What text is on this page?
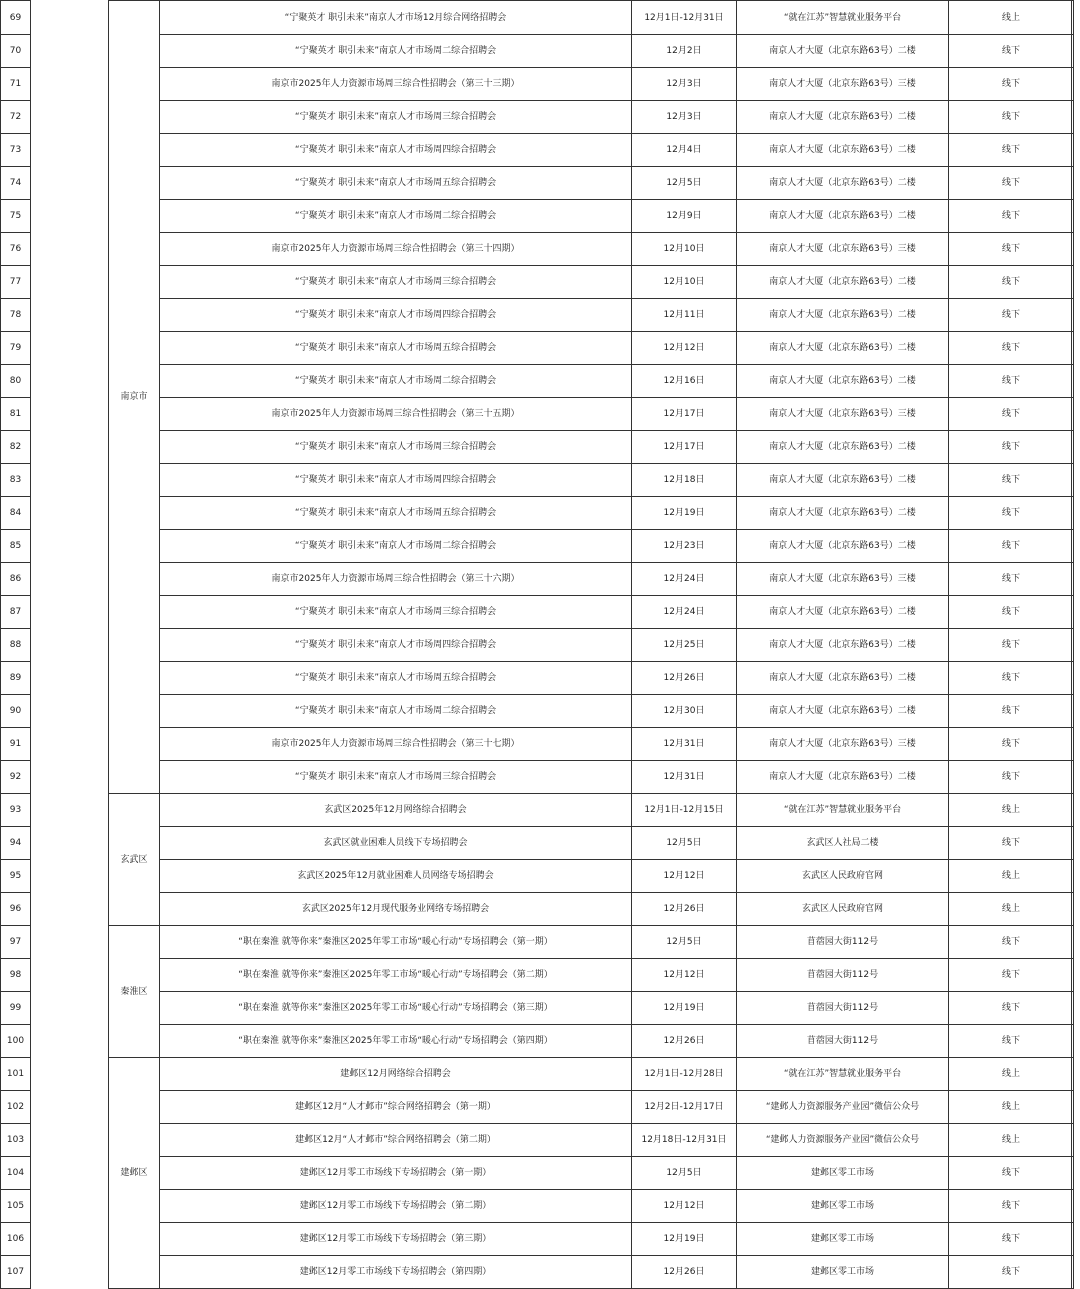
69		南京市	“宁聚英才 职引未来”南京人才市场12月综合网络招聘会	12月1日-12月31日	“就在江苏”智慧就业服务平台	线上
70			“宁聚英才 职引未来”南京人才市场周二综合招聘会	12月2日	南京人才大厦（北京东路63号）二楼	线下
71			南京市2025年人力资源市场周三综合性招聘会（第三十三期）	12月3日	南京人才大厦（北京东路63号）三楼	线下
72			“宁聚英才 职引未来”南京人才市场周三综合招聘会	12月3日	南京人才大厦（北京东路63号）二楼	线下
73			“宁聚英才 职引未来”南京人才市场周四综合招聘会	12月4日	南京人才大厦（北京东路63号）二楼	线下
74			“宁聚英才 职引未来”南京人才市场周五综合招聘会	12月5日	南京人才大厦（北京东路63号）二楼	线下
75			“宁聚英才 职引未来”南京人才市场周二综合招聘会	12月9日	南京人才大厦（北京东路63号）二楼	线下
76			南京市2025年人力资源市场周三综合性招聘会（第三十四期）	12月10日	南京人才大厦（北京东路63号）三楼	线下
77			“宁聚英才 职引未来”南京人才市场周三综合招聘会	12月10日	南京人才大厦（北京东路63号）二楼	线下
78			“宁聚英才 职引未来”南京人才市场周四综合招聘会	12月11日	南京人才大厦（北京东路63号）二楼	线下
79			“宁聚英才 职引未来”南京人才市场周五综合招聘会	12月12日	南京人才大厦（北京东路63号）二楼	线下
80			“宁聚英才 职引未来”南京人才市场周二综合招聘会	12月16日	南京人才大厦（北京东路63号）二楼	线下
81			南京市2025年人力资源市场周三综合性招聘会（第三十五期）	12月17日	南京人才大厦（北京东路63号）三楼	线下
82			“宁聚英才 职引未来”南京人才市场周三综合招聘会	12月17日	南京人才大厦（北京东路63号）二楼	线下
83			“宁聚英才 职引未来”南京人才市场周四综合招聘会	12月18日	南京人才大厦（北京东路63号）二楼	线下
84			“宁聚英才 职引未来”南京人才市场周五综合招聘会	12月19日	南京人才大厦（北京东路63号）二楼	线下
85			“宁聚英才 职引未来”南京人才市场周二综合招聘会	12月23日	南京人才大厦（北京东路63号）二楼	线下
86			南京市2025年人力资源市场周三综合性招聘会（第三十六期）	12月24日	南京人才大厦（北京东路63号）三楼	线下
87			“宁聚英才 职引未来”南京人才市场周三综合招聘会	12月24日	南京人才大厦（北京东路63号）二楼	线下
88			“宁聚英才 职引未来”南京人才市场周四综合招聘会	12月25日	南京人才大厦（北京东路63号）二楼	线下
89			“宁聚英才 职引未来”南京人才市场周五综合招聘会	12月26日	南京人才大厦（北京东路63号）二楼	线下
90			“宁聚英才 职引未来”南京人才市场周二综合招聘会	12月30日	南京人才大厦（北京东路63号）二楼	线下
91			南京市2025年人力资源市场周三综合性招聘会（第三十七期）	12月31日	南京人才大厦（北京东路63号）三楼	线下
92			“宁聚英才 职引未来”南京人才市场周三综合招聘会	12月31日	南京人才大厦（北京东路63号）二楼	线下
93		玄武区	玄武区2025年12月网络综合招聘会	12月1日-12月15日	“就在江苏”智慧就业服务平台	线上
94			玄武区就业困难人员线下专场招聘会	12月5日	玄武区人社局二楼	线下
95			玄武区2025年12月就业困难人员网络专场招聘会	12月12日	玄武区人民政府官网	线上
96			玄武区2025年12月现代服务业网络专场招聘会	12月26日	玄武区人民政府官网	线上
97		秦淮区	“职在秦淮 就等你来”秦淮区2025年零工市场“暖心行动”专场招聘会（第一期）	12月5日	苜蓿园大街112号	线下
98			“职在秦淮 就等你来”秦淮区2025年零工市场“暖心行动”专场招聘会（第二期）	12月12日	苜蓿园大街112号	线下
99			“职在秦淮 就等你来”秦淮区2025年零工市场“暖心行动”专场招聘会（第三期）	12月19日	苜蓿园大街112号	线下
100			“职在秦淮 就等你来”秦淮区2025年零工市场“暖心行动”专场招聘会（第四期）	12月26日	苜蓿园大街112号	线下
101		建邺区	建邺区12月网络综合招聘会	12月1日-12月28日	“就在江苏”智慧就业服务平台	线上
102			建邺区12月“人才邺市”综合网络招聘会（第一期）	12月2日-12月17日	“建邺人力资源服务产业园”微信公众号	线上
103			建邺区12月“人才邺市”综合网络招聘会（第二期）	12月18日-12月31日	“建邺人力资源服务产业园”微信公众号	线上
104			建邺区12月零工市场线下专场招聘会（第一期）	12月5日	建邺区零工市场	线下
105			建邺区12月零工市场线下专场招聘会（第二期）	12月12日	建邺区零工市场	线下
106			建邺区12月零工市场线下专场招聘会（第三期）	12月19日	建邺区零工市场	线下
107			建邺区12月零工市场线下专场招聘会（第四期）	12月26日	建邺区零工市场	线下
